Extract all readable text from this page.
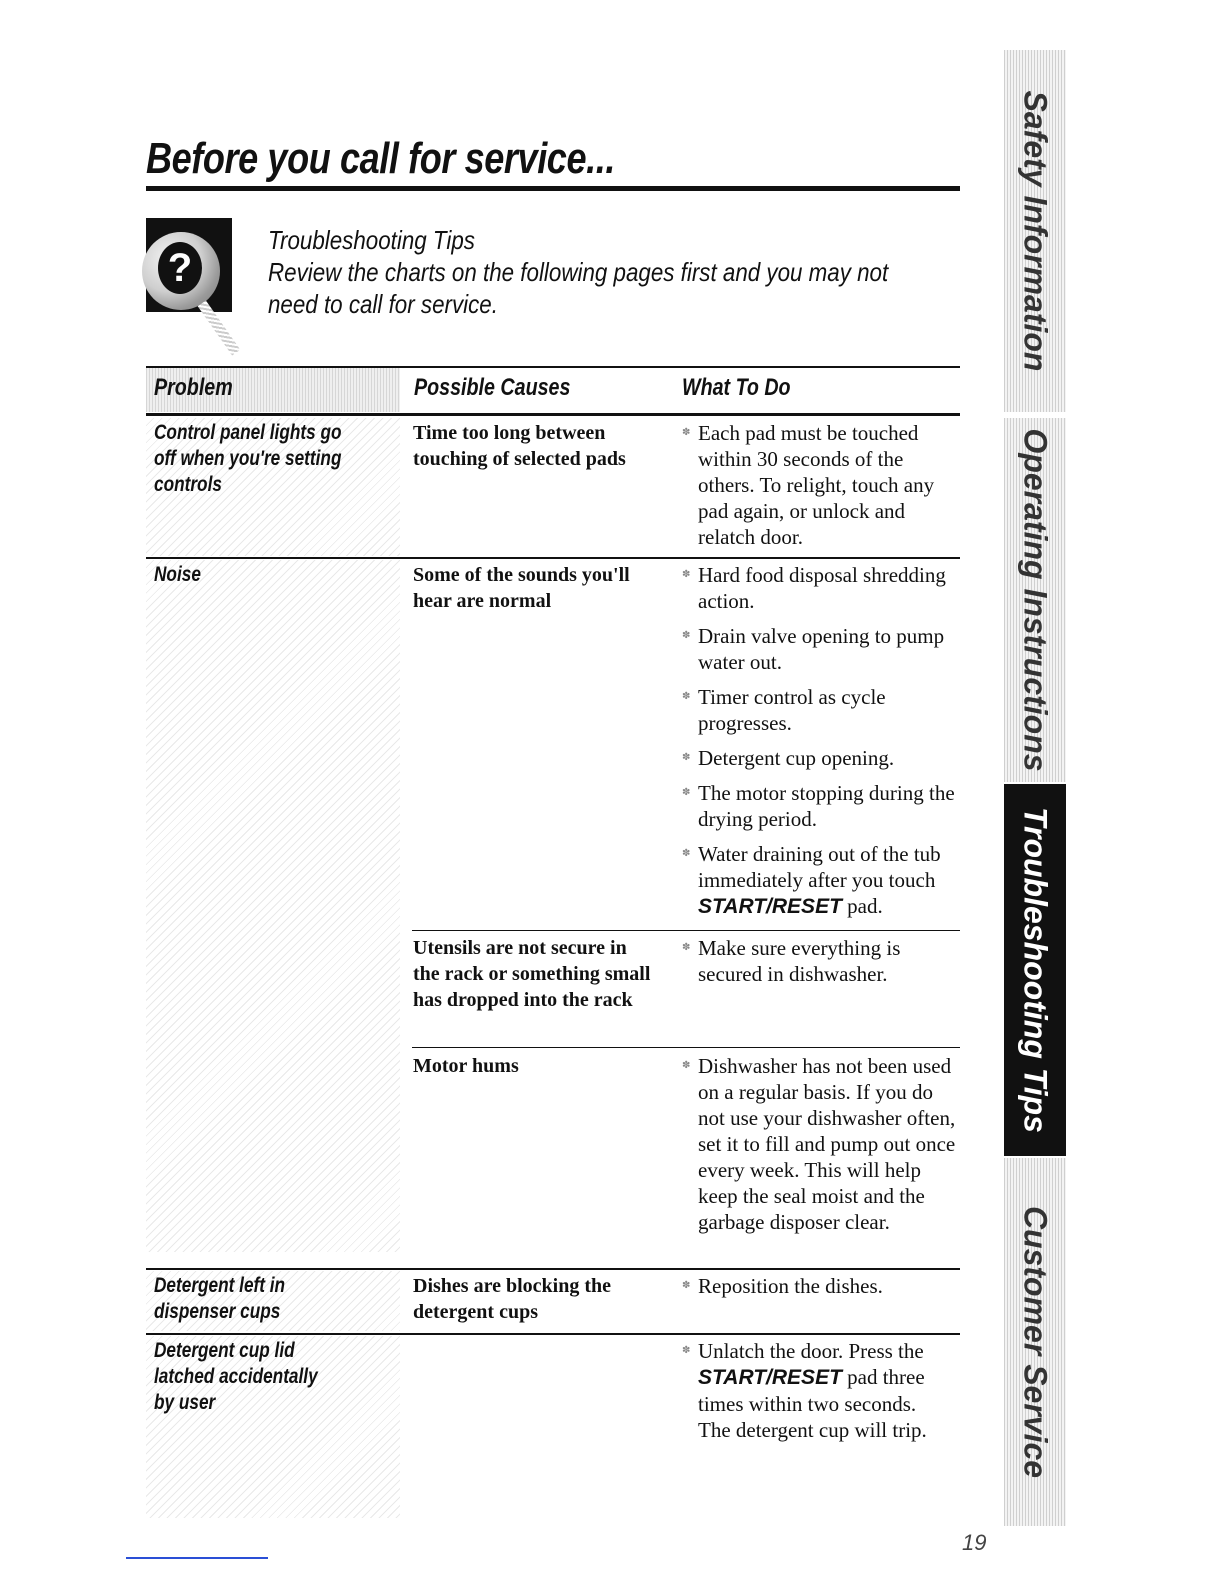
Before you call for service...
?
Troubleshooting Tips
Review the charts on the following pages first and you may not
need to call for service.
Problem	Possible Causes	What To Do
Control panel lights go
off when you're setting
controls
Time too long between touching of selected pads
✽ Each pad must be touched within 30 seconds of the others. To relight, touch any pad again, or unlock and relatch door.
Noise	Some of the sounds you'll hear are normal
✽ Hard food disposal shredding action.
✽ Drain valve opening to pump water out.
✽ Timer control as cycle progresses.
✽ Detergent cup opening.
✽ The motor stopping during the drying period.
✽ Water draining out of the tub immediately after you touch START/RESET pad.
Utensils are not secure in the rack or something small has dropped into the rack
✽ Make sure everything is secured in dishwasher.
Motor hums
✽	Dishwasher has not been used on a regular basis. If you do not use your dishwasher often, set it to fill and pump out once every week. This will help keep the seal moist and the garbage disposer clear.
Detergent left in
dispenser cups
Dishes are blocking the detergent cups
✽ Reposition the dishes.
Detergent cup lid
latched accidentally
by user
✽ Unlatch the door. Press the START/RESET pad three times within two seconds. The detergent cup will trip.
Safety Information
Operating Instructions
Troubleshooting Tips
Customer Service
19
